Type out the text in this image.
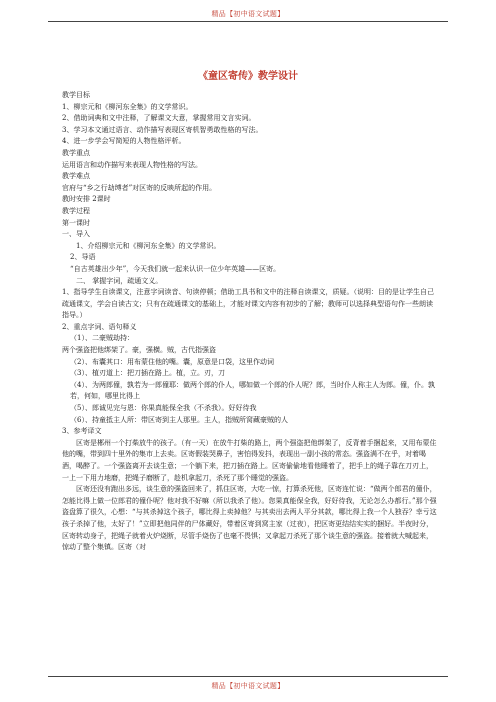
精品【初中语文试题】
《童区寄传》教学设计

教学目标

1、柳宗元和《柳河东全集》的文学常识。

2、借助词典和文中注释，了解课文大意，掌握常用文言实词。

3、学习本文通过语言、动作描写表现区寄机智勇敢性格的写法。

4、进一步学会写简短的人物性格评析。

教学重点

运用语言和动作描写来表现人物性格的写法。

教学难点

官府与“乡之行劫缚者”对区寄的反映所起的作用。

教时安排 2课时

教学过程

第一课时

一、导入

1、介绍柳宗元和《柳河东全集》的文学常识。

2、导语

“自古英雄出少年”，今天我们就一起来认识一位少年英雄——区寄。

二、 掌握字词，疏通文义。

1、指导学生自读课文，注意字词读音、句读停顿；借助工具书和文中的注释自读课文，质疑。（说明：目的是让学生自己疏通课文，学会自读古文；只有在疏通课文的基础上，才能对课文内容有初步的了解；教师可以选择典型语句作一些朗读指导。）

2、重点字词、语句释义

（1）、二豪贼劫持：

两个强盗把他绑架了。豪，强横。贼，古代指强盗

（2）、布囊其口：用布蒙住他的嘴。囊，原意是口袋，这里作动词

（3）、植刃道上：把刀插在路上。植，立。刃，刀

（4）、为两郎僮，孰若为一郎僮耶：做两个郎的仆人，哪如做一个郎的仆人呢？郎，当时仆人称主人为郎。僮，仆。孰若，何如，哪里比得上

（5）、郎诚见完与恩：你果真能保全我（不杀我）。好好待我

（6）、持童抵主人所：带区寄到主人那里。主人，指贼所窝藏豪贼的人

3、参考译文

区寄是郴州一个打柴放牛的孩子。（有一天）在放牛打柴的路上，两个强盗把他绑架了，反背着手捆起来，又用布蒙住他的嘴，带到四十里外的集市上去卖。区寄假装哭鼻子，害怕得发抖，表现出一副小孩的常态。强盗满不在乎，对着喝酒，喝醉了。一个强盗离开去谈生意；一个躺下来，把刀插在路上。区寄偷偷地看他睡着了，把手上的绳子靠在刀刃上，一上一下用力地磨，把绳子磨断了，趁机拿起刀，杀死了那个睡觉的强盗。

区寄还没有跑出多远，谈生意的强盗回来了，抓住区寄，大吃一惊，打算杀死他，区寄连忙说：“做两个郎君的僮仆，怎能比得上做一位郎君的僮仆呢？他对我不好嘛（所以我杀了他）。您果真能保全我，好好待我，无论怎么办都行。”那个强盗盘算了很久，心想：“与其杀掉这个孩子，哪比得上卖掉他？与其卖出去两人平分其款，哪比得上我一个人独吞？幸亏这孩子杀掉了他，太好了！”立即把他同伴的尸体藏好，带着区寄到窝主家（过夜），把区寄更结结实实的捆好。半夜时分，区寄转动身子，把绳子就着火炉烧断，尽管手烧伤了也毫不畏惧；又拿起刀杀死了那个谈生意的强盗。接着就大喊起来，惊动了整个集镇。区寄（对

精品【初中语文试题】
